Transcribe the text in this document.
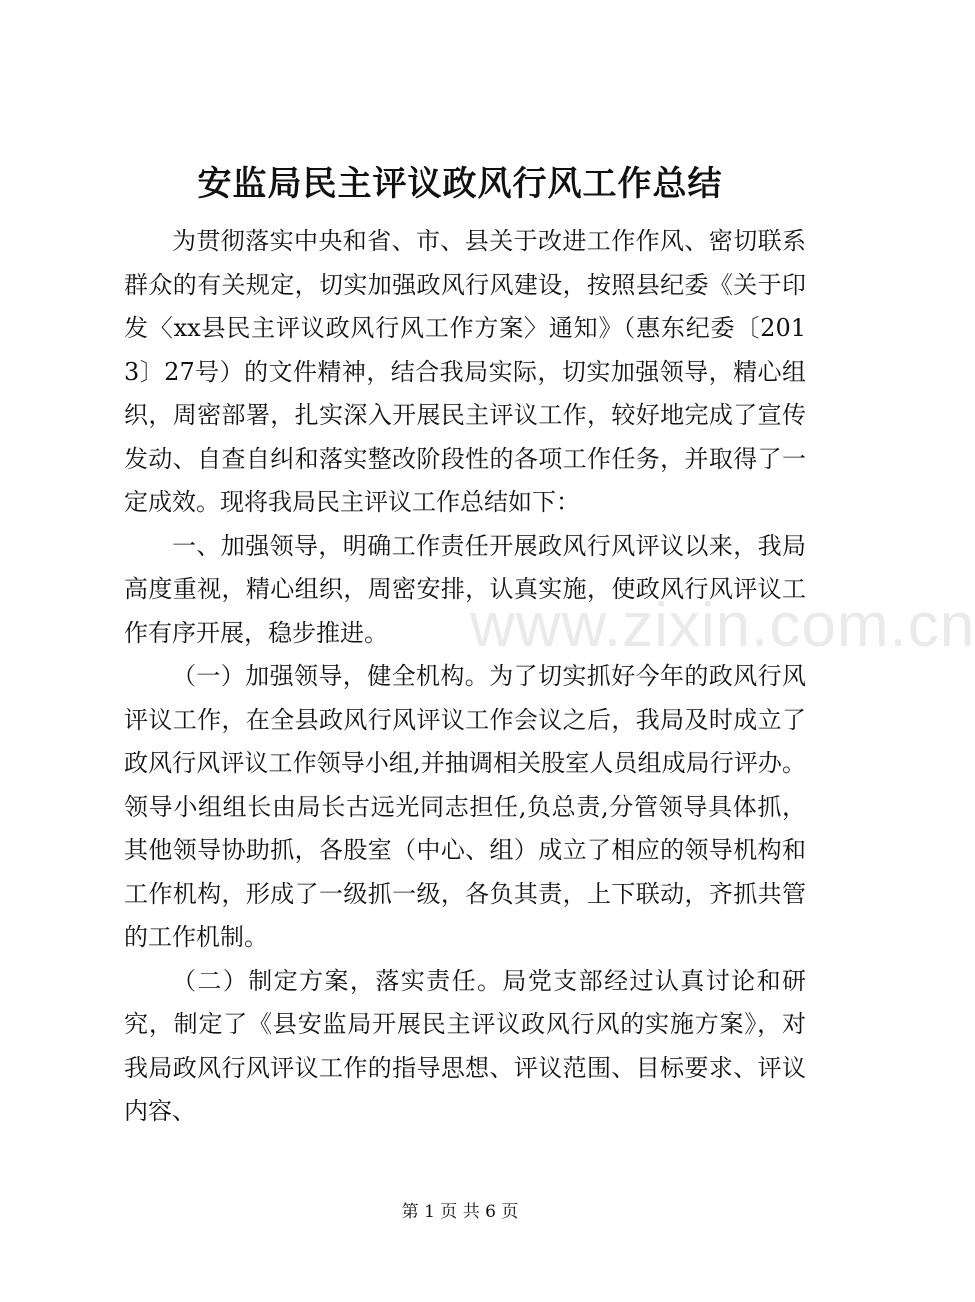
安监局民主评议政风行风工作总结

为贯彻落实中央和省、市、县关于改进工作作风、密切联系群众的有关规定，切实加强政风行风建设，按照县纪委《关于印发〈xx县民主评议政风行风工作方案〉通知》（惠东纪委〔2013〕27号）的文件精神，结合我局实际，切实加强领导，精心组织，周密部署，扎实深入开展民主评议工作，较好地完成了宣传发动、自查自纠和落实整改阶段性的各项工作任务，并取得了一定成效。现将我局民主评议工作总结如下：

一、加强领导，明确工作责任开展政风行风评议以来，我局高度重视，精心组织，周密安排，认真实施，使政风行风评议工作有序开展，稳步推进。

（一）加强领导，健全机构。为了切实抓好今年的政风行风评议工作，在全县政风行风评议工作会议之后，我局及时成立了政风行风评议工作领导小组,并抽调相关股室人员组成局行评办。领导小组组长由局长古远光同志担任,负总责,分管领导具体抓，其他领导协助抓，各股室（中心、组）成立了相应的领导机构和工作机构，形成了一级抓一级，各负其责，上下联动，齐抓共管的工作机制。

（二）制定方案，落实责任。局党支部经过认真讨论和研究，制定了《县安监局开展民主评议政风行风的实施方案》，对我局政风行风评议工作的指导思想、评议范围、目标要求、评议内容、

www.zixin.com.cn
第 1 页 共 6 页
